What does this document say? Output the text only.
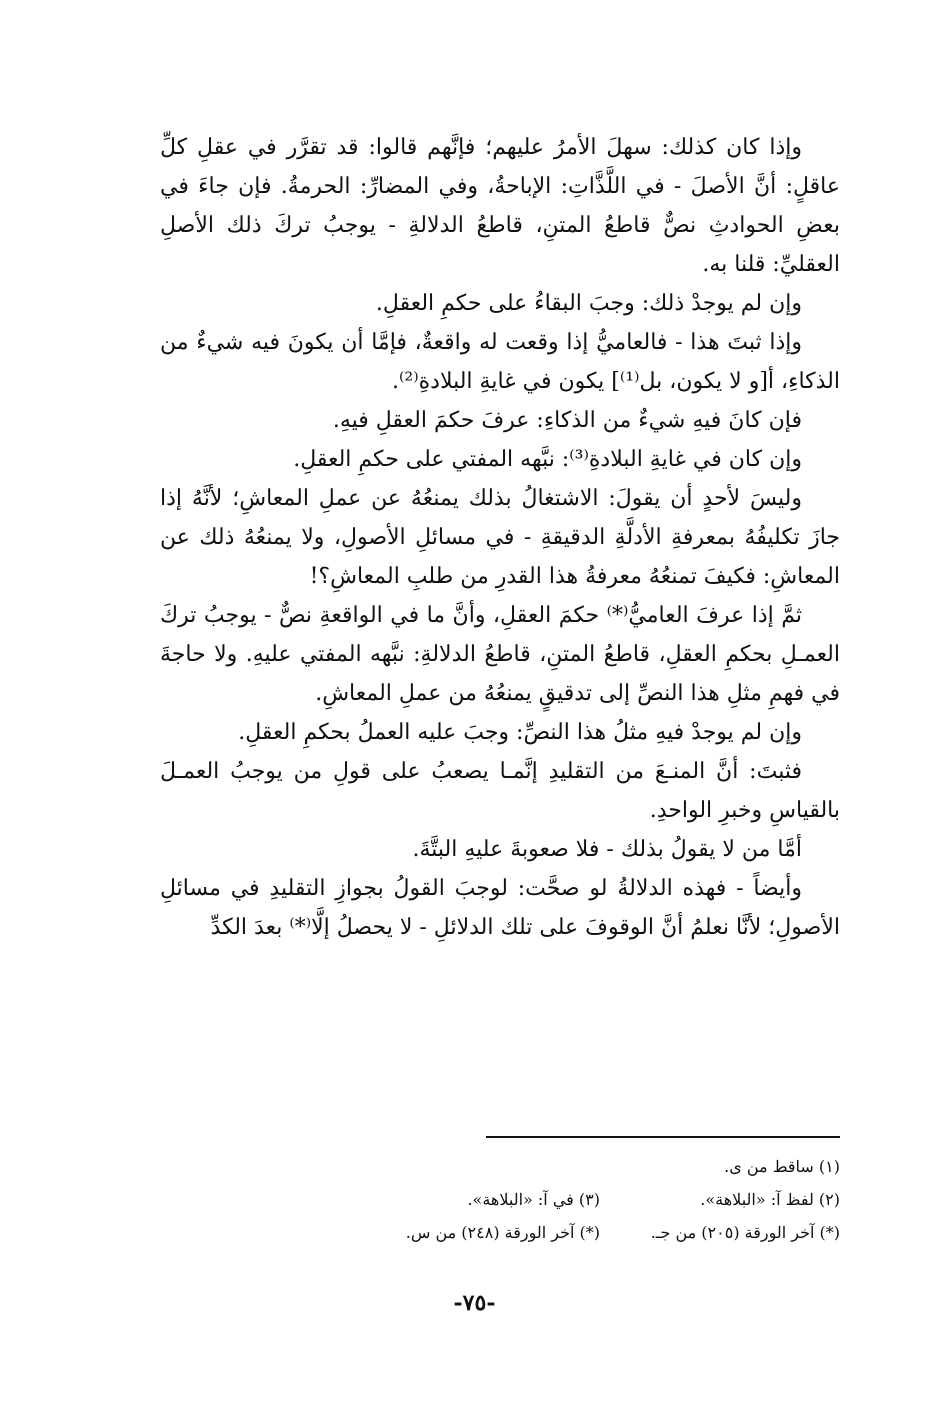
وإذا كان كذلك: سهلَ الأمرُ عليهم؛ فإنَّهم قالوا: قد تقرَّر في عقلِ كلِّ عاقلٍ: أنَّ الأصلَ - في اللَّذَّاتِ: الإباحةُ، وفي المضارِّ: الحرمةُ. فإن جاءَ في بعضِ الحوادثِ نصٌّ قاطعُ المتنِ، قاطعُ الدلالةِ - يوجبُ تركَ ذلك الأصلِ العقليِّ: قلنا به.

وإن لم يوجدْ ذلك: وجبَ البقاءُ على حكمِ العقلِ.

وإذا ثبتَ هذا - فالعاميُّ إذا وقعت له واقعةٌ، فإمَّا أن يكونَ فيه شيءٌ من الذكاءِ، أ[و لا يكون، بل⁽¹⁾] يكون في غايةِ البلادةِ⁽²⁾.

فإن كانَ فيهِ شيءٌ من الذكاءِ: عرفَ حكمَ العقلِ فيهِ.

وإن كان في غايةِ البلادةِ⁽³⁾: نبَّهه المفتي على حكمِ العقلِ.

وليسَ لأحدٍ أن يقولَ: الاشتغالُ بذلك يمنعُهُ عن عملِ المعاشِ؛ لأنَّهُ إذا جازَ تكليفُهُ بمعرفةِ الأدلَّةِ الدقيقةِ - في مسائلِ الأصولِ، ولا يمنعُهُ ذلك عن المعاشِ: فكيفَ تمنعُهُ معرفةُ هذا القدرِ من طلبِ المعاشِ؟!

ثمَّ إذا عرفَ العاميُّ⁽*⁾ حكمَ العقلِ، وأنَّ ما في الواقعةِ نصٌّ - يوجبُ تركَ العمـلِ بحكمِ العقلِ، قاطعُ المتنِ، قاطعُ الدلالةِ: نبَّهه المفتي عليهِ. ولا حاجةَ في فهمِ مثلِ هذا النصِّ إلى تدقيقٍ يمنعُهُ من عملِ المعاشِ.

وإن لم يوجدْ فيهِ مثلُ هذا النصِّ: وجبَ عليه العملُ بحكمِ العقلِ.

فثبتَ: أنَّ المنـعَ من التقليدِ إنَّمـا يصعبُ على قولِ من يوجبُ العمـلَ بالقياسِ وخبرِ الواحدِ.

أمَّا من لا يقولُ بذلك - فلا صعوبةَ عليهِ البتَّةَ.

وأيضاً - فهذه الدلالةُ لو صحَّت: لوجبَ القولُ بجوازِ التقليدِ في مسائلِ الأصولِ؛ لأنَّا نعلمُ أنَّ الوقوفَ على تلك الدلائلِ - لا يحصلُ إلَّا⁽*⁾ بعدَ الكدِّ

(١) ساقط من ى.
(٢) لفظ آ: «البلاهة».
(٣) في آ: «البلاهة».
(*) آخر الورقة (٢٠٥) من جـ.
(*) آخر الورقة (٢٤٨) من س.
-٧٥-
